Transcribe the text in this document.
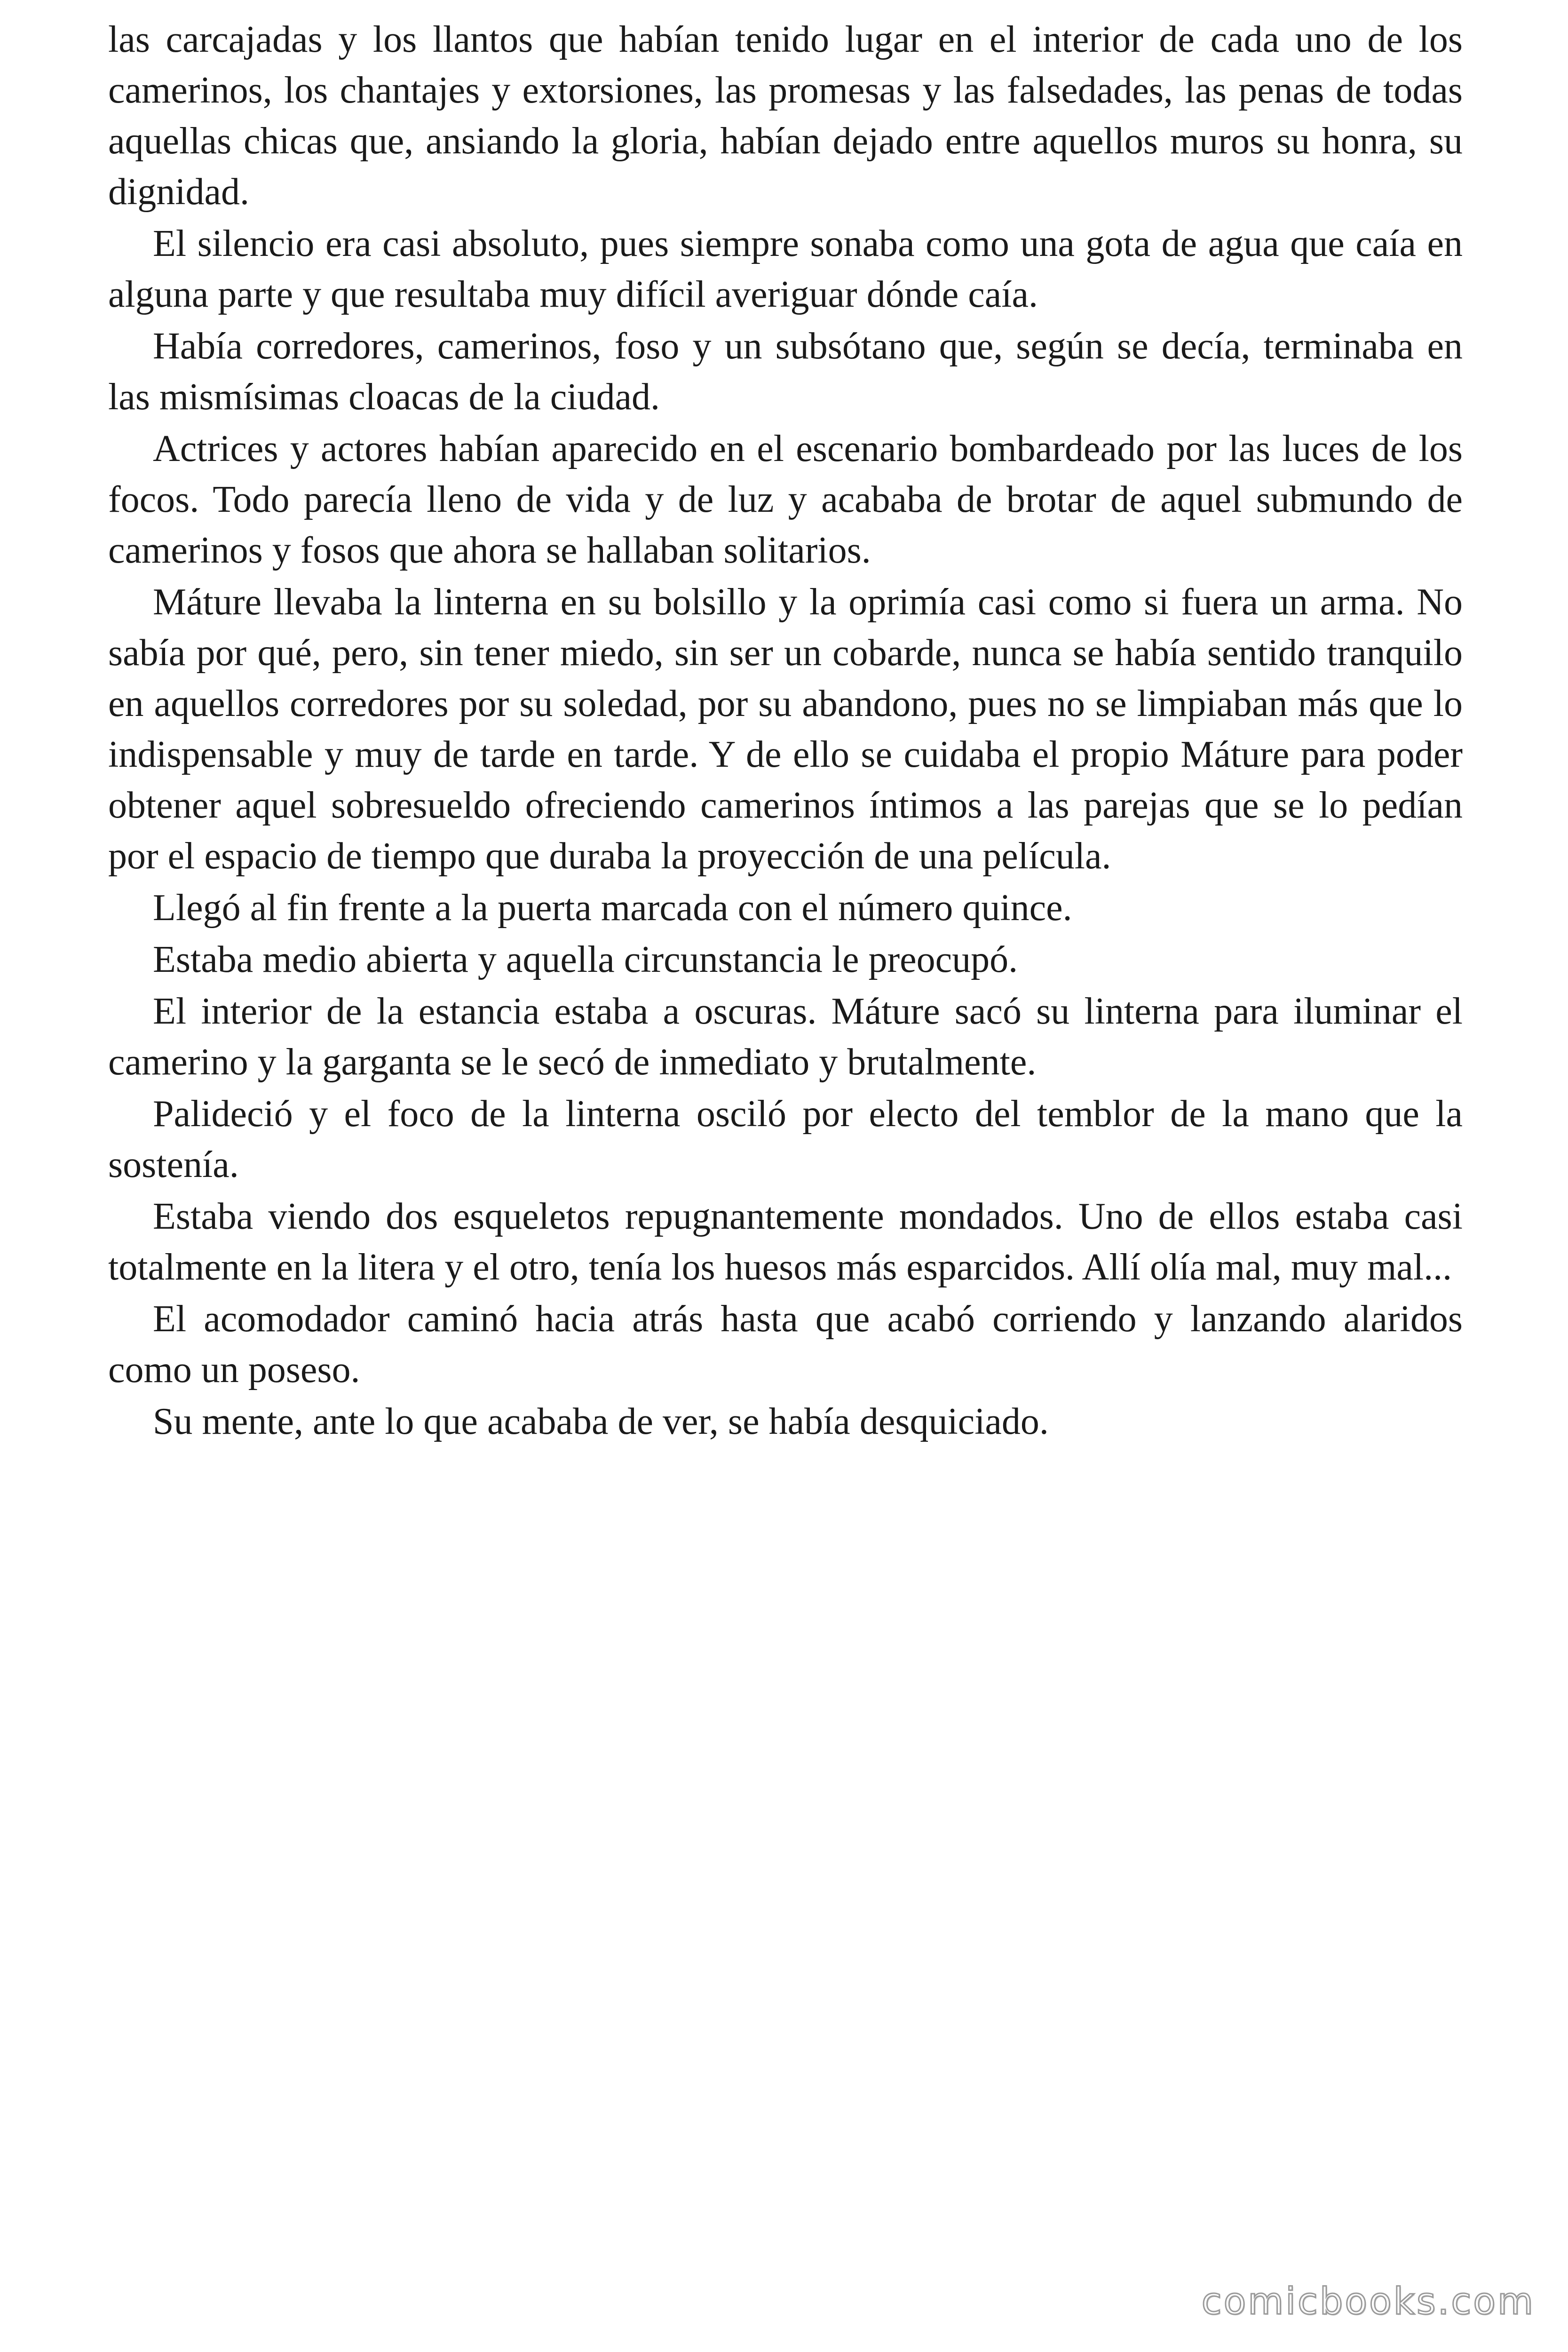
las carcajadas y los llantos que habían tenido lugar en el interior de cada uno de los camerinos, los chantajes y extorsiones, las promesas y las falsedades, las penas de todas aquellas chicas que, ansiando la gloria, habían dejado entre aquellos muros su honra, su dignidad.

El silencio era casi absoluto, pues siempre sonaba como una gota de agua que caía en alguna parte y que resultaba muy difícil averiguar dónde caía.

Había corredores, camerinos, foso y un subsótano que, según se decía, terminaba en las mismísimas cloacas de la ciudad.

Actrices y actores habían aparecido en el escenario bombardeado por las luces de los focos. Todo parecía lleno de vida y de luz y acababa de brotar de aquel submundo de camerinos y fosos que ahora se hallaban solitarios.

Máture llevaba la linterna en su bolsillo y la oprimía casi como si fuera un arma. No sabía por qué, pero, sin tener miedo, sin ser un cobarde, nunca se había sentido tranquilo en aquellos corredores por su soledad, por su abandono, pues no se limpiaban más que lo indispensable y muy de tarde en tarde. Y de ello se cuidaba el propio Máture para poder obtener aquel sobresueldo ofreciendo camerinos íntimos a las parejas que se lo pedían por el espacio de tiempo que duraba la proyección de una película.

Llegó al fin frente a la puerta marcada con el número quince.

Estaba medio abierta y aquella circunstancia le preocupó.

El interior de la estancia estaba a oscuras. Máture sacó su linterna para iluminar el camerino y la garganta se le secó de inmediato y brutalmente.

Palideció y el foco de la linterna osciló por electo del temblor de la mano que la sostenía.

Estaba viendo dos esqueletos repugnantemente mondados. Uno de ellos estaba casi totalmente en la litera y el otro, tenía los huesos más esparcidos. Allí olía mal, muy mal...

El acomodador caminó hacia atrás hasta que acabó corriendo y lanzando alaridos como un poseso.

Su mente, ante lo que acababa de ver, se había desquiciado.

comicbooks.com
